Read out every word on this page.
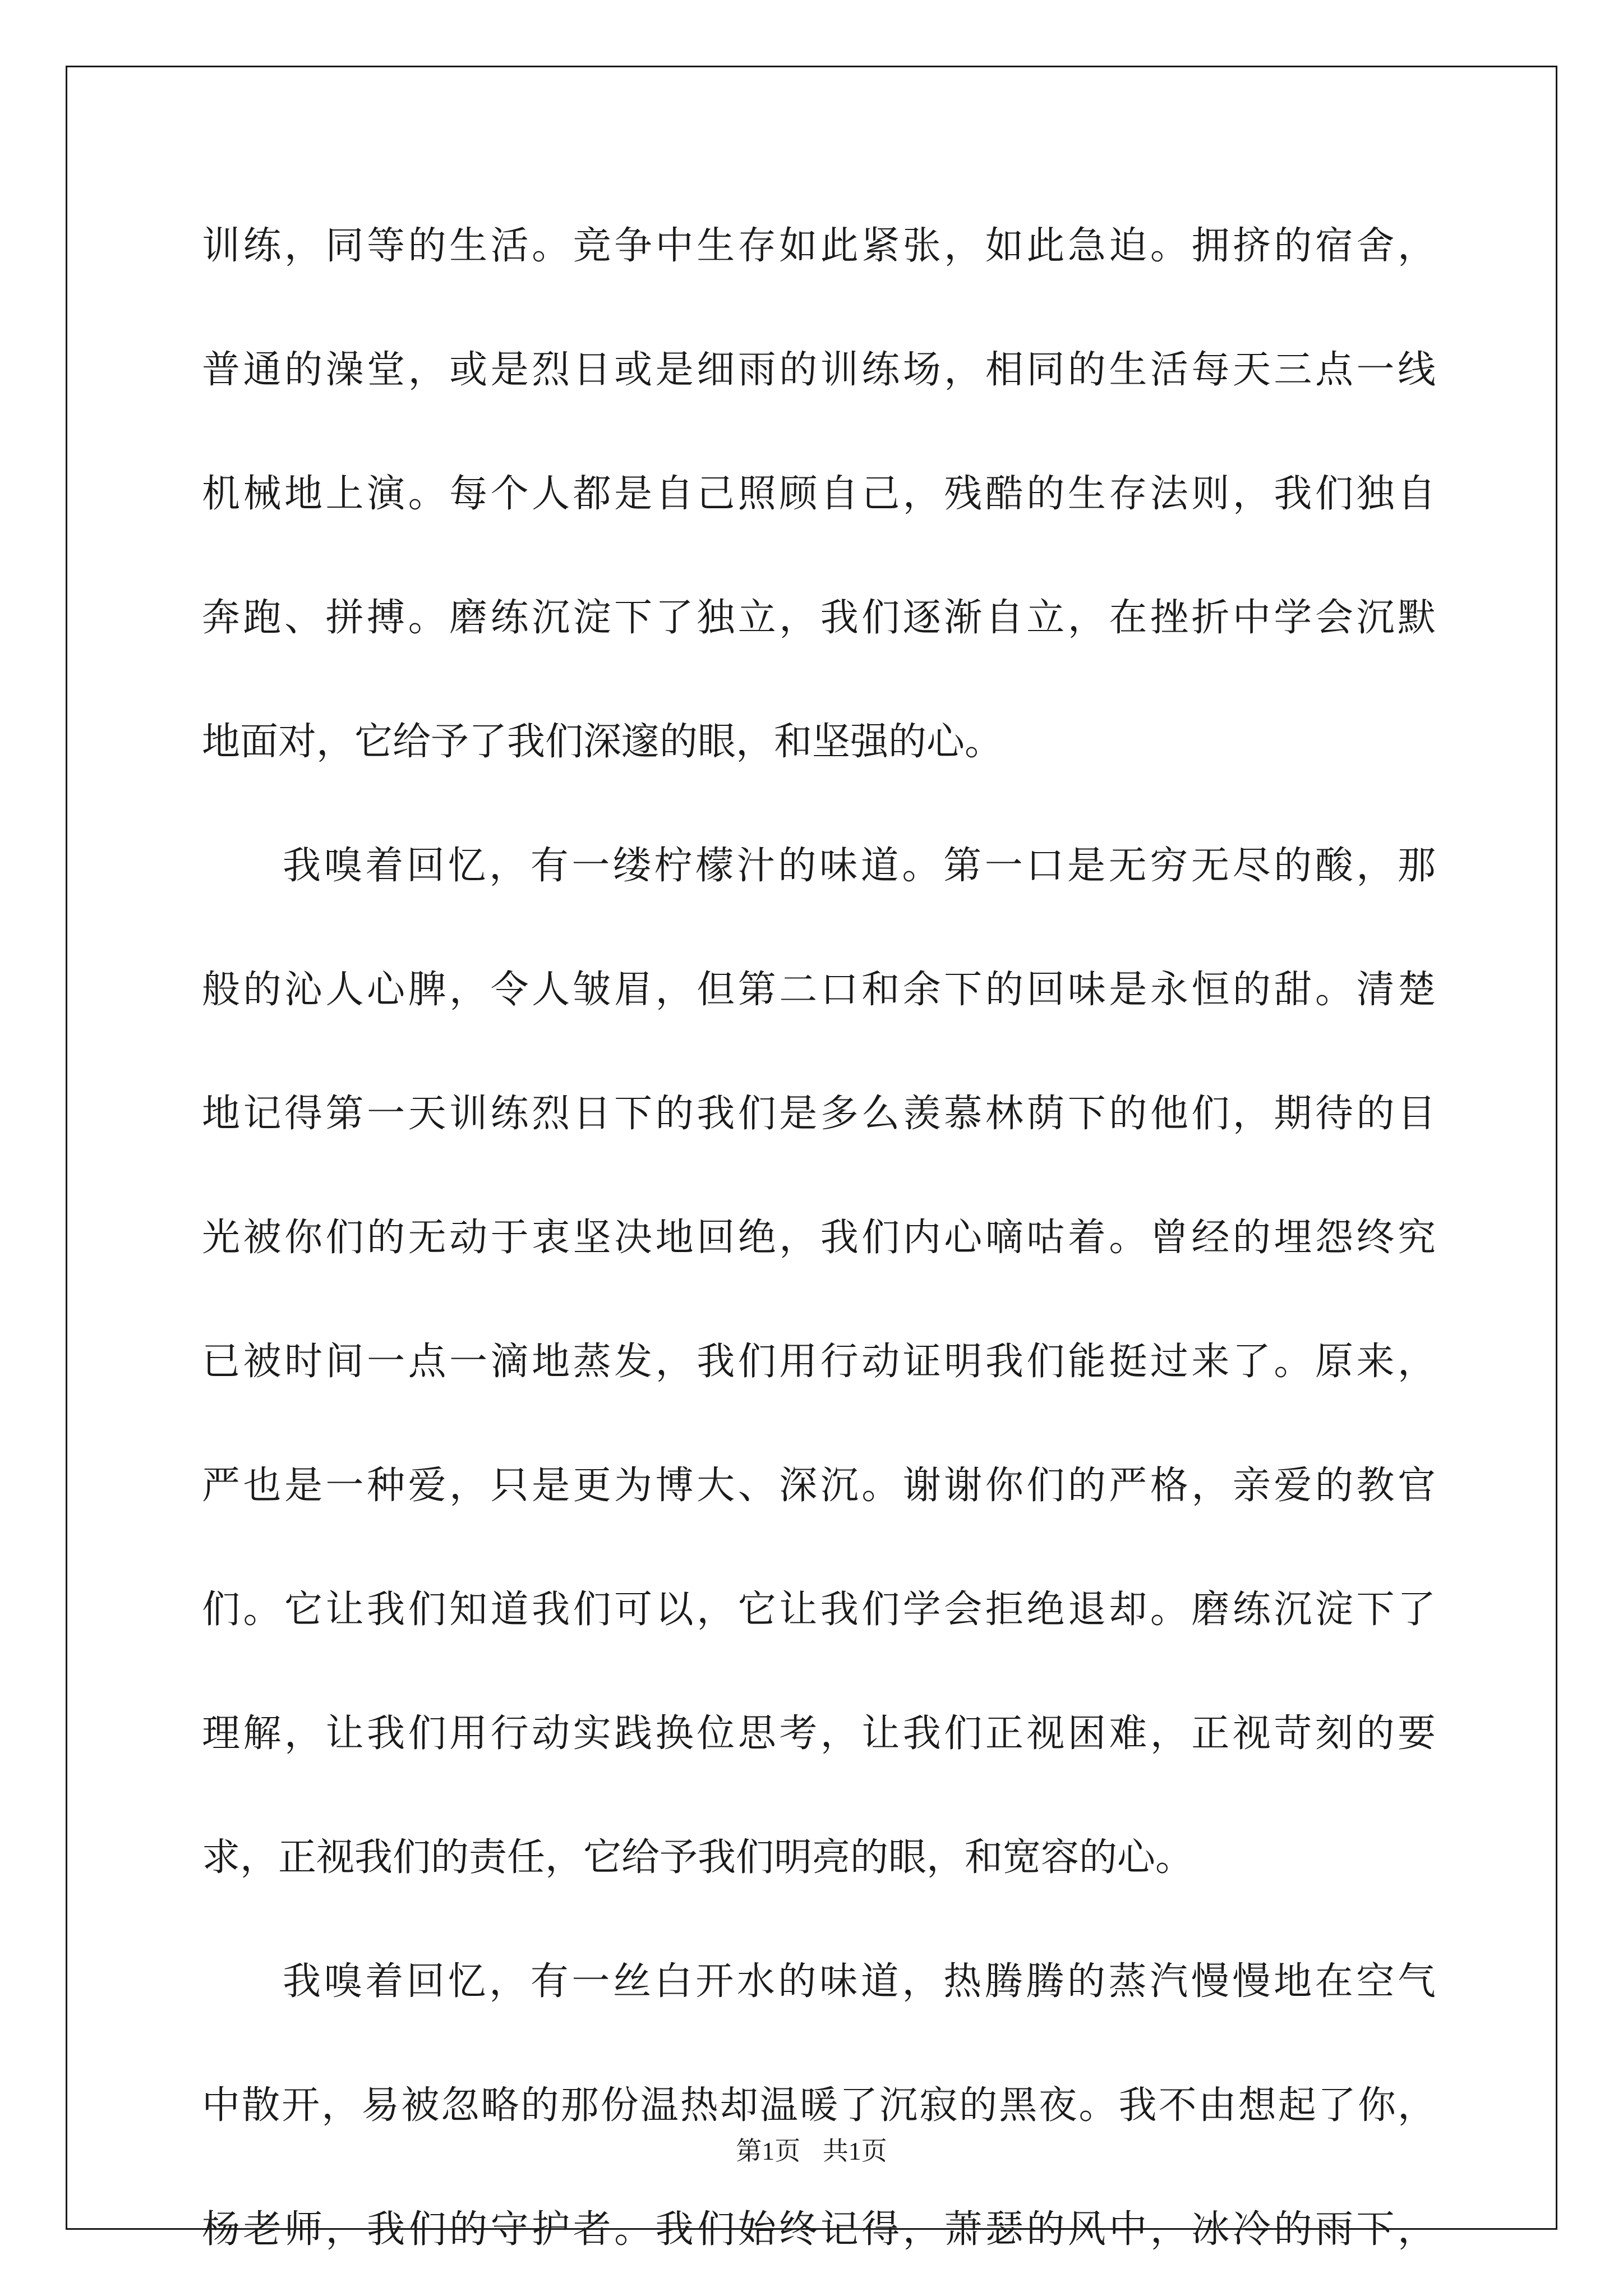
训练，同等的生活。竞争中生存如此紧张，如此急迫。拥挤的宿舍，
普通的澡堂，或是烈日或是细雨的训练场，相同的生活每天三点一线
机械地上演。每个人都是自己照顾自己，残酷的生存法则，我们独自
奔跑、拼搏。磨练沉淀下了独立，我们逐渐自立，在挫折中学会沉默
地面对，它给予了我们深邃的眼，和坚强的心。
我嗅着回忆，有一缕柠檬汁的味道。第一口是无穷无尽的酸，那
般的沁人心脾，令人皱眉，但第二口和余下的回味是永恒的甜。清楚
地记得第一天训练烈日下的我们是多么羡慕林荫下的他们，期待的目
光被你们的无动于衷坚决地回绝，我们内心嘀咕着。曾经的埋怨终究
已被时间一点一滴地蒸发，我们用行动证明我们能挺过来了。原来，
严也是一种爱，只是更为博大、深沉。谢谢你们的严格，亲爱的教官
们。它让我们知道我们可以，它让我们学会拒绝退却。磨练沉淀下了
理解，让我们用行动实践换位思考，让我们正视困难，正视苛刻的要
求，正视我们的责任，它给予我们明亮的眼，和宽容的心。
我嗅着回忆，有一丝白开水的味道，热腾腾的蒸汽慢慢地在空气
中散开，易被忽略的那份温热却温暖了沉寂的黑夜。我不由想起了你，
杨老师，我们的守护者。我们始终记得，萧瑟的风中，冰冷的雨下，
第1页 共1页
